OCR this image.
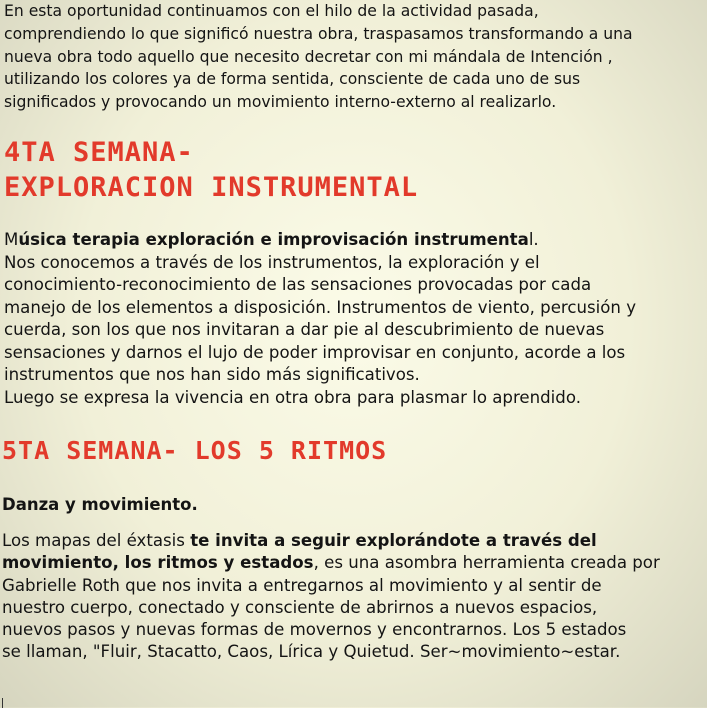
En esta oportunidad continuamos con el hilo de la actividad pasada,
comprendiendo lo que significó nuestra obra, traspasamos transformando a una
nueva obra todo aquello que necesito decretar con mi mándala de Intención ,
utilizando los colores ya de forma sentida, consciente de cada uno de sus
significados y provocando un movimiento interno-externo al realizarlo.
4TA SEMANA-
EXPLORACION INSTRUMENTAL
Música terapia exploración e improvisación instrumental.
Nos conocemos a través de los instrumentos, la exploración y el
conocimiento-reconocimiento de las sensaciones provocadas por cada
manejo de los elementos a disposición. Instrumentos de viento, percusión y
cuerda, son los que nos invitaran a dar pie al descubrimiento de nuevas
sensaciones y darnos el lujo de poder improvisar en conjunto, acorde a los
instrumentos que nos han sido más significativos.
Luego se expresa la vivencia en otra obra para plasmar lo aprendido.
5TA SEMANA- LOS 5 RITMOS
Danza y movimiento.
Los mapas del éxtasis te invita a seguir explorándote a través del
movimiento, los ritmos y estados, es una asombra herramienta creada por
Gabrielle Roth que nos invita a entregarnos al movimiento y al sentir de
nuestro cuerpo, conectado y consciente de abrirnos a nuevos espacios,
nuevos pasos y nuevas formas de movernos y encontrarnos. Los 5 estados
se llaman, "Fluir, Stacatto, Caos, Lírica y Quietud. Ser~movimiento~estar.
